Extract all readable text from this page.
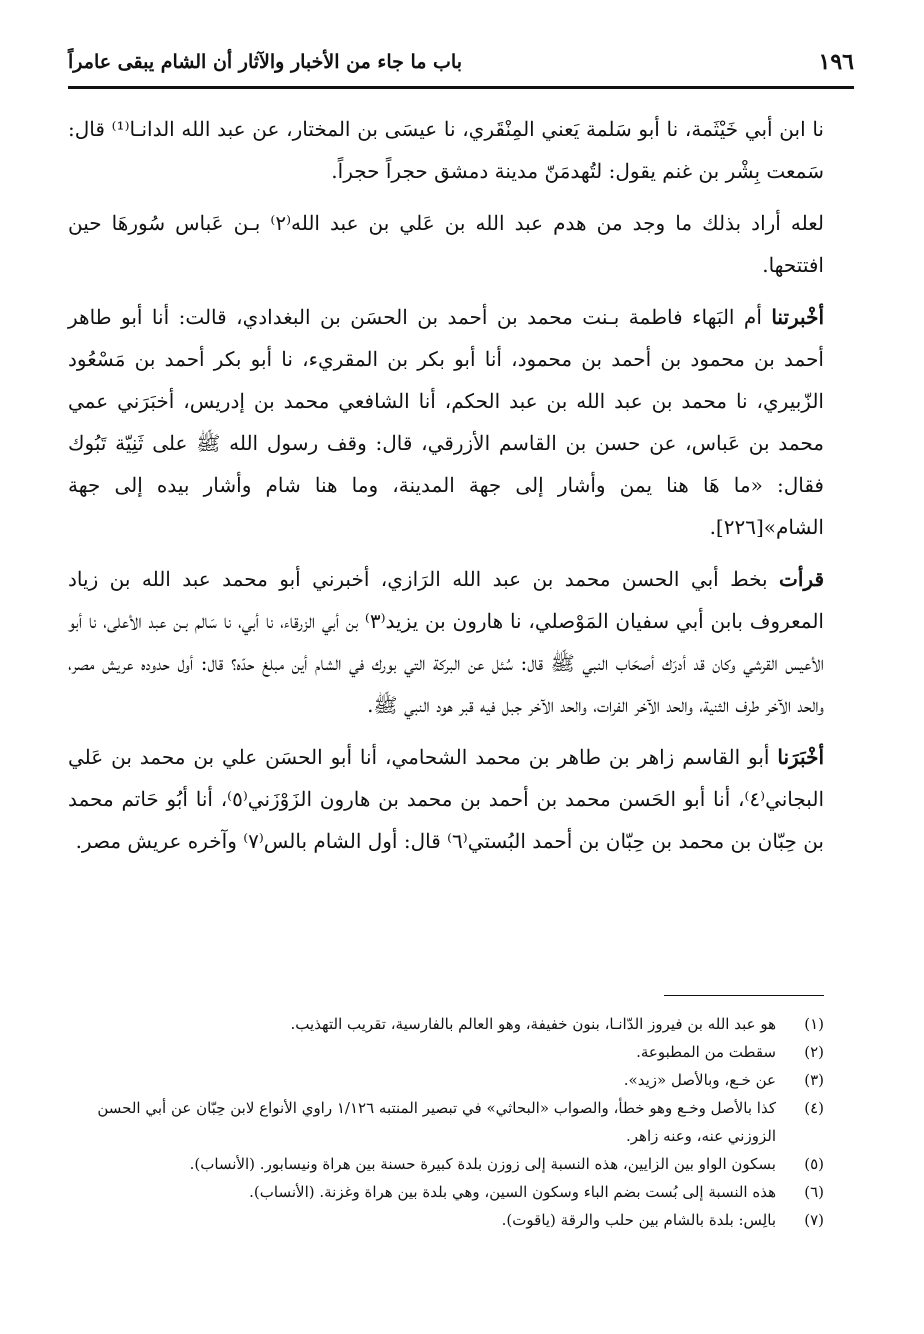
١٩٦
باب ما جاء من الأخبار والآثار أن الشام يبقى عامراً

نا ابن أبي خَيْثَمة، نا أبو سَلمة يَعني المِنْقَري، نا عيسَى بن المختار، عن عبد الله الدانـا⁽¹⁾ قال: سَمعت بِشْر بن غنم يقول: لتُهدمَنّ مدينة دمشق حجراً حجراً.

لعله أراد بذلك ما وجد من هدم عبد الله بن عَلي بن عبد الله⁽٢⁾ بـن عَباس سُورهَا حين افتتحها.

أخْبرتنا أم البَهاء فاطمة بـنت محمد بن أحمد بن الحسَن بن البغدادي، قالت: أنا أبو طاهر أحمد بن محمود بن أحمد بن محمود، أنا أبو بكر بن المقريء، نا أبو بكر أحمد بن مَسْعُود الزّبيري، نا محمد بن عبد الله بن عبد الحكم، أنا الشافعي محمد بن إدريس، أخبَرَني عمي محمد بن عَباس، عن حسن بن القاسم الأزرقي، قال: وقف رسول الله ﷺ على ثَنِيّة تَبُوك فقال: «ما هَا هنا يمن وأشار إلى جهة المدينة، وما هنا شام وأشار بيده إلى جهة الشام»[٢٢٦].

قرأت بخط أبي الحسن محمد بن عبد الله الرَازي، أخبرني أبو محمد عبد الله بن زياد المعروف بابن أبي سفيان المَوْصلي، نا هارون بن يزيد⁽٣⁾ بن أبي الزرقاء، نا أبي، نا سَالم بـن عبد الأعلى، نا أبو الأعيس القرشي وكان قد أدرَك أصحَاب النبي ﷺ قال: سُئل عن البركة التي بورك في الشام أين مبلغ حدّه؟ قال: أول حدوده عريش مصر، والحد الآخر طرف الثنية، والحد الآخر الفرات، والحد الآخر جبل فيه قبر هود النبي ﷺ.

أخْبَرَنا أبو القاسم زاهر بن طاهر بن محمد الشحامي، أنا أبو الحسَن علي بن محمد بن عَلي البجاني⁽٤⁾، أنا أبو الحَسن محمد بن أحمد بن محمد بن هارون الزَوْزَني⁽٥⁾، أنا أبُو حَاتم محمد بن حِبّان بن محمد بن حِبّان بن أحمد البُستي⁽٦⁾ قال: أول الشام بالس⁽٧⁾ وآخره عريش مصر.

(١)
هو عبد الله بن فيروز الدّانـا، بنون خفيفة، وهو العالم بالفارسية، تقريب التهذيب.
(٢)
سقطت من المطبوعة.
(٣)
عن خـع، وبالأصل «زيد».
(٤)
كذا بالأصل وخـع وهو خطأ، والصواب «البحاثي» في تبصير المنتبه ١/١٢٦ راوي الأنواع لابن حِبّان عن أبي الحسن الزوزني عنه، وعنه زاهر.
(٥)
بسكون الواو بين الزايين، هذه النسبة إلى زوزن بلدة كبيرة حسنة بين هراة ونيسابور. (الأنساب).
(٦)
هذه النسبة إلى بُست بضم الباء وسكون السين، وهي بلدة بين هراة وغزنة. (الأنساب).
(٧)
بالِس: بلدة بالشام بين حلب والرقة (ياقوت).
